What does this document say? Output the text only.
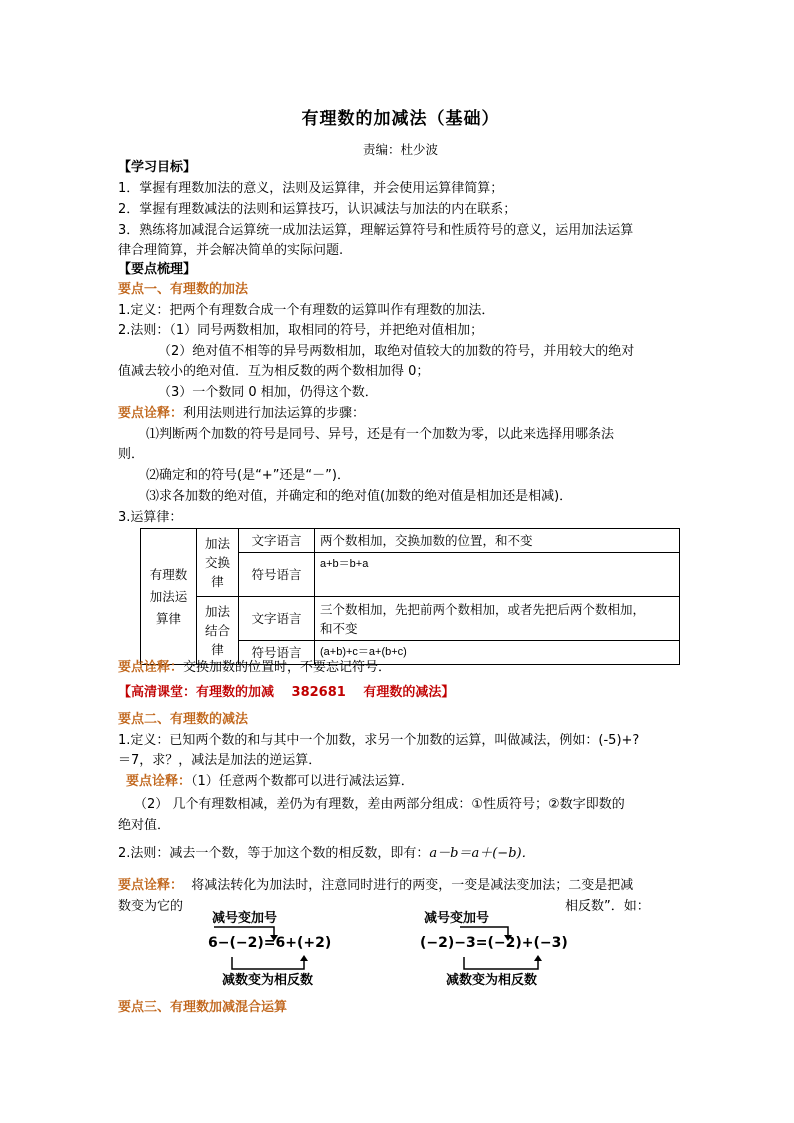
有理数的加减法（基础）
责编：杜少波
【学习目标】
1．掌握有理数加法的意义，法则及运算律，并会使用运算律简算；
2．掌握有理数减法的法则和运算技巧，认识减法与加法的内在联系；
3．熟练将加减混合运算统一成加法运算，理解运算符号和性质符号的意义，运用加法运算
律合理简算，并会解决简单的实际问题.
【要点梳理】
要点一、有理数的加法
1.定义：把两个有理数合成一个有理数的运算叫作有理数的加法．
2.法则：（1）同号两数相加，取相同的符号，并把绝对值相加；
（2）绝对值不相等的异号两数相加，取绝对值较大的加数的符号，并用较大的绝对
值减去较小的绝对值．互为相反数的两个数相加得 0；
（3）一个数同 0 相加，仍得这个数．
要点诠释：利用法则进行加法运算的步骤：
⑴判断两个加数的符号是同号、异号，还是有一个加数为零，以此来选择用哪条法
则．
⑵确定和的符号(是“+”还是“－”)．
⑶求各加数的绝对值，并确定和的绝对值(加数的绝对值是相加还是相减)．
3.运算律：
有理数加法运算律	加法交换律	文字语言	两个数相加，交换加数的位置，和不变
		符号语言	a+b＝b+a
	加法结合律	文字语言	三个数相加，先把前两个数相加，或者先把后两个数相加，
和不变

		符号语言	(a+b)+c＝a+(b+c)
要点诠释：交换加数的位置时，不要忘记符号．
【高清课堂：有理数的加减　 382681　 有理数的减法】
要点二、有理数的减法
1.定义：已知两个数的和与其中一个加数，求另一个加数的运算，叫做减法，例如：(-5)+?
＝7，求？，减法是加法的逆运算．
要点诠释：（1）任意两个数都可以进行减法运算．
（2） 几个有理数相减，差仍为有理数，差由两部分组成：①性质符号；②数字即数的
绝对值．
2.法则：减去一个数，等于加这个数的相反数，即有：a－b＝a＋(−b)．
要点诠释： 将减法转化为加法时，注意同时进行的两变，一变是减法变加法；二变是把减
数变为它的	相反数”．如：
减号变加号
6−(−2)=6+(+2)
减数变为相反数
减号变加号
(−2)−3=(−2)+(−3)
减数变为相反数
要点三、有理数加减混合运算
